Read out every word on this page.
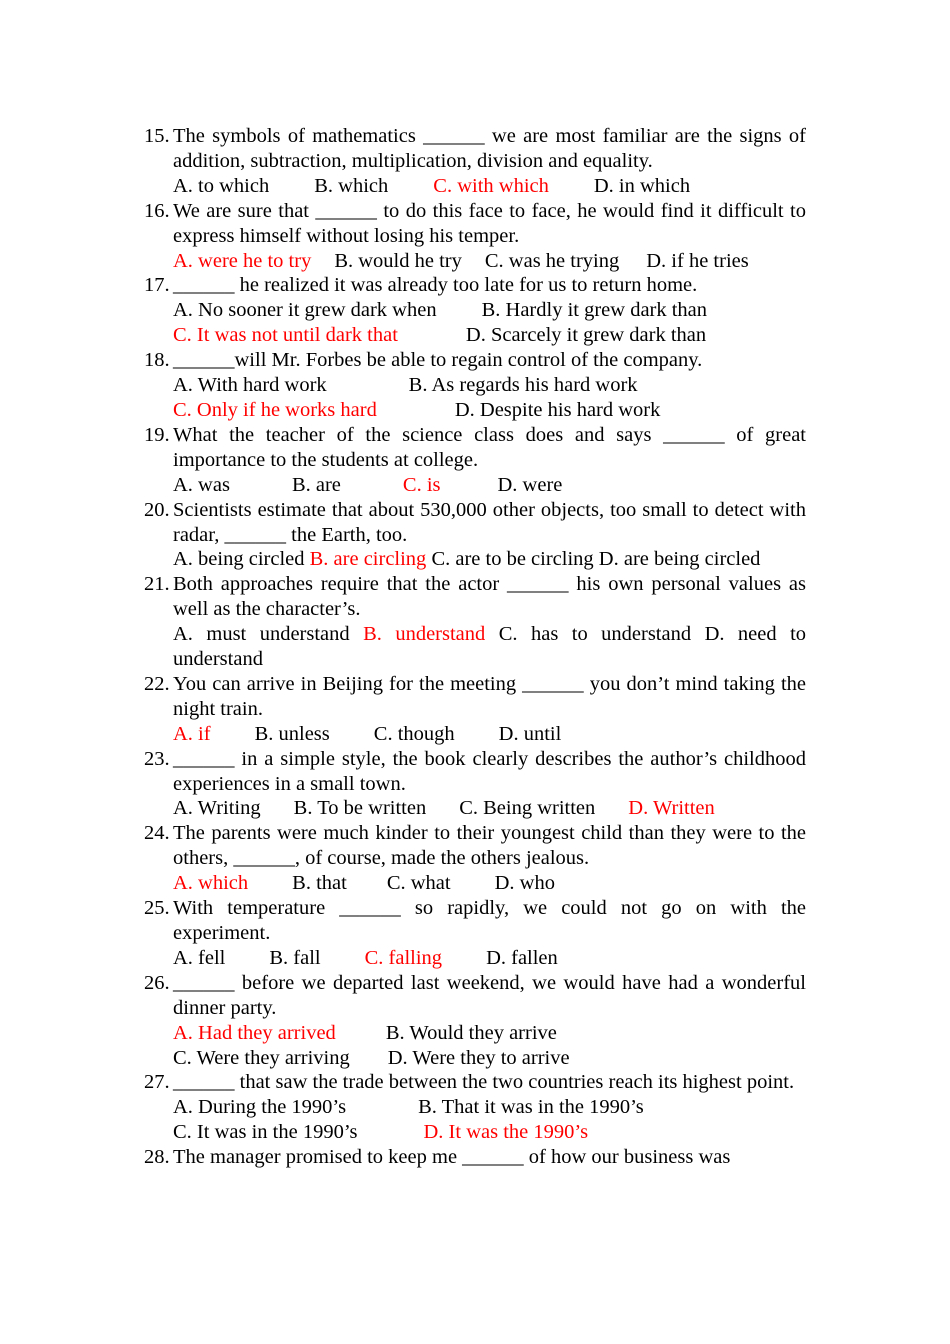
15. The symbols of mathematics ______ we are most familiar are the signs of addition, subtraction, multiplication, division and equality.
A. to which B. which C. with which D. in which
16. We are sure that ______ to do this face to face, he would find it difficult to express himself without losing his temper.
A. were he to try B. would he try C. was he trying D. if he tries
17. ______ he realized it was already too late for us to return home.
A. No sooner it grew dark when B. Hardly it grew dark than
C. It was not until dark that	D. Scarcely it grew dark than
18. ______will Mr. Forbes be able to regain control of the company.
A. With hard work	B. As regards his hard work
C. Only if he works hard	D. Despite his hard work
19. What the teacher of the science class does and says ______ of great importance to the students at college.
A. was	B. are	C. is	D. were
20. Scientists estimate that about 530,000 other objects, too small to detect with radar, ______ the Earth, too.
A. being circled B. are circling C. are to be circling D. are being circled
21. Both approaches require that the actor ______ his own personal values as well as the character’s.
A. must understand B. understand C. has to understand D. need to understand
22. You can arrive in Beijing for the meeting ______ you don’t mind taking the night train.
A. if B. unless C. though D. until
23. ______ in a simple style, the book clearly describes the author’s childhood experiences in a small town.
A. Writing B. To be written C. Being written D. Written
24. The parents were much kinder to their youngest child than they were to the others, ______, of course, made the others jealous.
A. which B. that C. what D. who
25. With temperature ______ so rapidly, we could not go on with the experiment.
A. fell B. fall C. falling D. fallen
26. ______ before we departed last weekend, we would have had a wonderful dinner party.
A. Had they arrived B. Would they arrive
C. Were they arriving D. Were they to arrive
27. ______ that saw the trade between the two countries reach its highest point.
A. During the 1990’s	B. That it was in the 1990’s
C. It was in the 1990’s	D. It was the 1990’s
28. The manager promised to keep me ______ of how our business was
